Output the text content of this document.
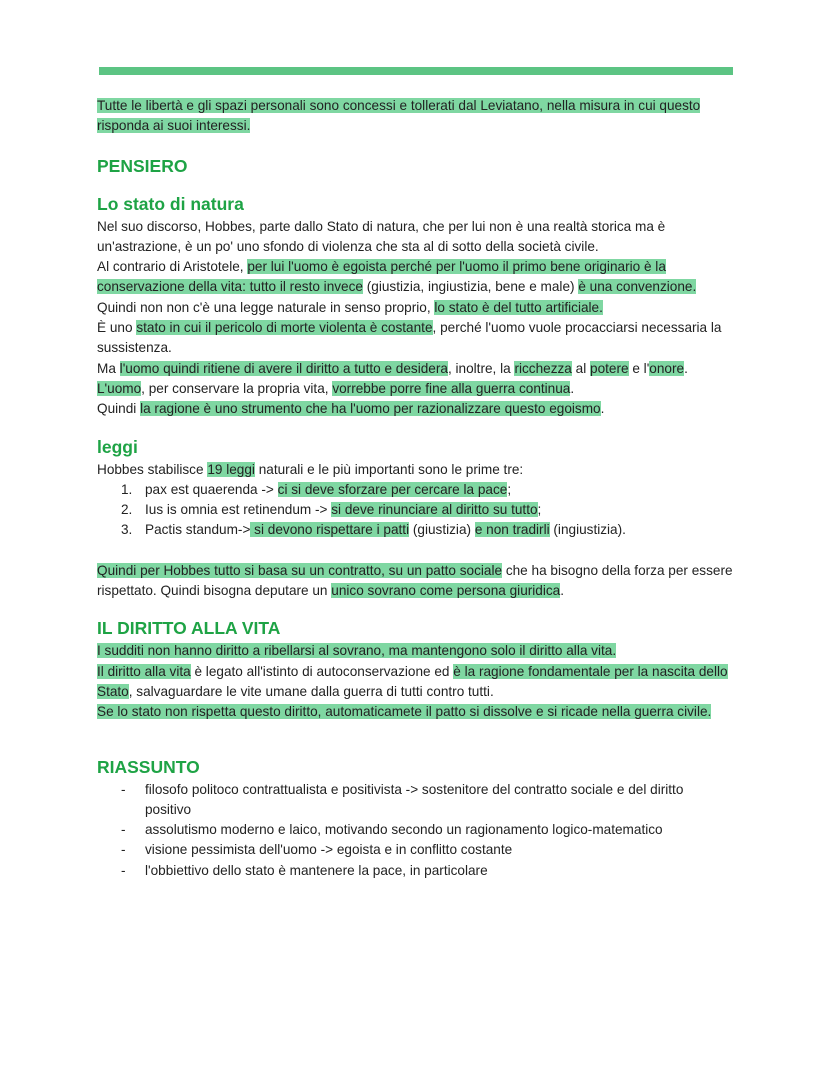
Tutte le libertà e gli spazi personali sono concessi e tollerati dal Leviatano, nella misura in cui questo risponda ai suoi interessi.

PENSIERO
Lo stato di natura

Nel suo discorso, Hobbes, parte dallo Stato di natura, che per lui non è una realtà storica ma è un'astrazione, è un po' uno sfondo di violenza che sta al di sotto della società civile.

Al contrario di Aristotele, per lui l'uomo è egoista perché per l'uomo il primo bene originario è la conservazione della vita: tutto il resto invece (giustizia, ingiustizia, bene e male) è una convenzione. Quindi non non c'è una legge naturale in senso proprio, lo stato è del tutto artificiale.

È uno stato in cui il pericolo di morte violenta è costante, perché l'uomo vuole procacciarsi necessaria la sussistenza.

Ma l'uomo quindi ritiene di avere il diritto a tutto e desidera, inoltre, la ricchezza al potere e l'onore.

L'uomo, per conservare la propria vita, vorrebbe porre fine alla guerra continua.

Quindi la ragione è uno strumento che ha l'uomo per razionalizzare questo egoismo.

leggi

Hobbes stabilisce 19 leggi naturali e le più importanti sono le prime tre:

1. pax est quaerenda -> ci si deve sforzare per cercare la pace;
2. Ius is omnia est retinendum -> si deve rinunciare al diritto su tutto;
3. Pactis standum-> si devono rispettare i patti (giustizia) e non tradirli (ingiustizia).

Quindi per Hobbes tutto si basa su un contratto, su un patto sociale che ha bisogno della forza per essere rispettato. Quindi bisogna deputare un unico sovrano come persona giuridica.

IL DIRITTO ALLA VITA

I sudditi non hanno diritto a ribellarsi al sovrano, ma mantengono solo il diritto alla vita.

Il diritto alla vita è legato all'istinto di autoconservazione ed è la ragione fondamentale per la nascita dello Stato, salvaguardare le vite umane dalla guerra di tutti contro tutti.

Se lo stato non rispetta questo diritto, automaticamete il patto si dissolve e si ricade nella guerra civile.

RIASSUNTO
- filosofo politoco contrattualista e positivista -> sostenitore del contratto sociale e del diritto positivo
- assolutismo moderno e laico, motivando secondo un ragionamento logico-matematico
- visione pessimista dell'uomo -> egoista e in conflitto costante
- l'obbiettivo dello stato è mantenere la pace, in particolare
